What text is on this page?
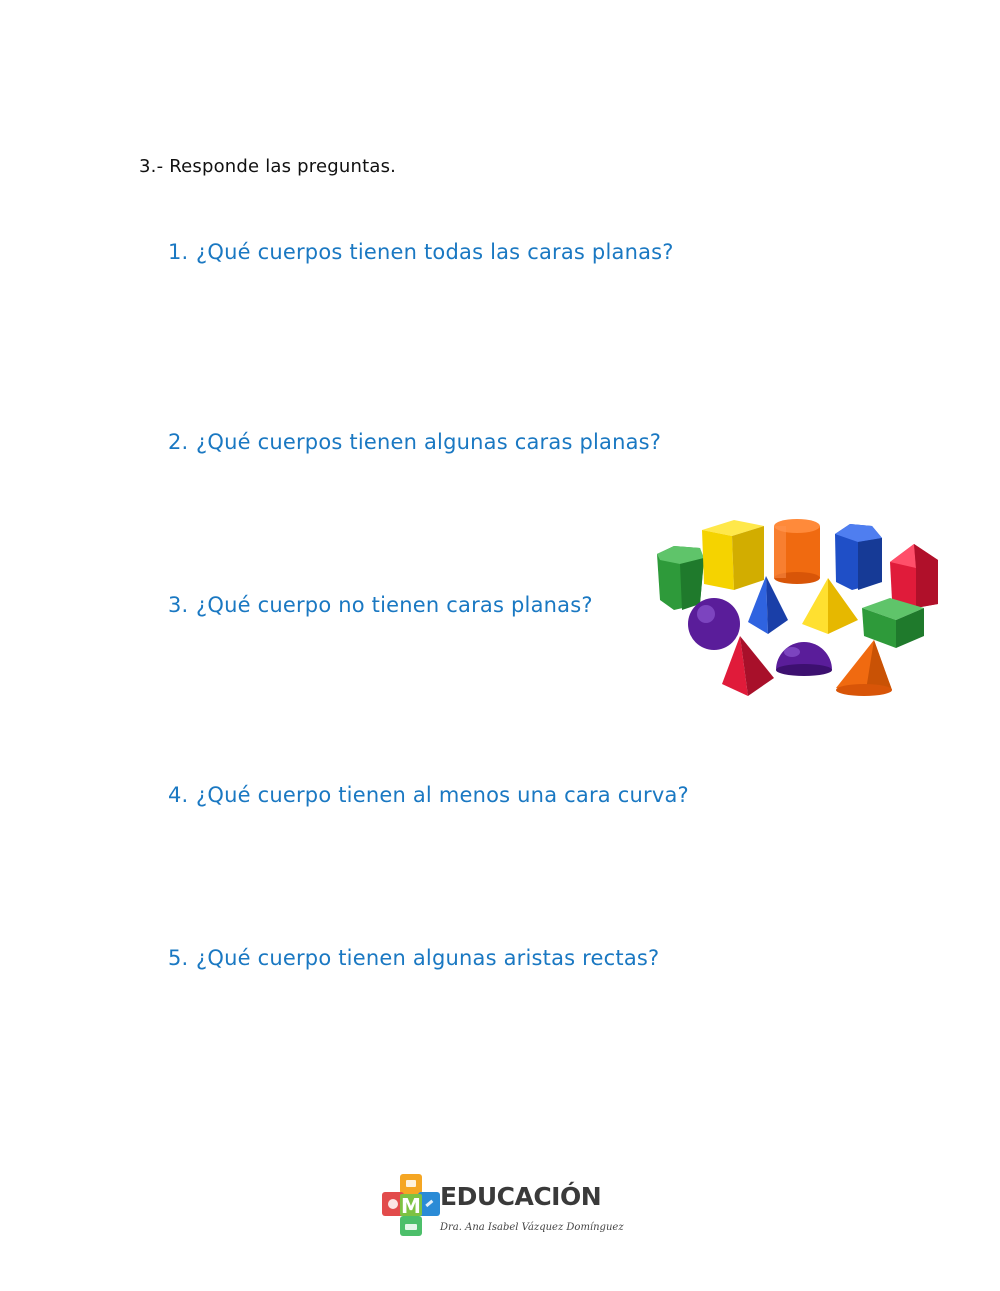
3.- Responde las preguntas.
1. ¿Qué cuerpos tienen todas las caras planas?
2. ¿Qué cuerpos tienen algunas caras planas?
3. ¿Qué cuerpo no tienen caras planas?
4. ¿Qué cuerpo tienen al menos una cara curva?
5. ¿Qué cuerpo tienen algunas aristas rectas?
M EDUCACIÓN
Dra. Ana Isabel Vázquez Domínguez
